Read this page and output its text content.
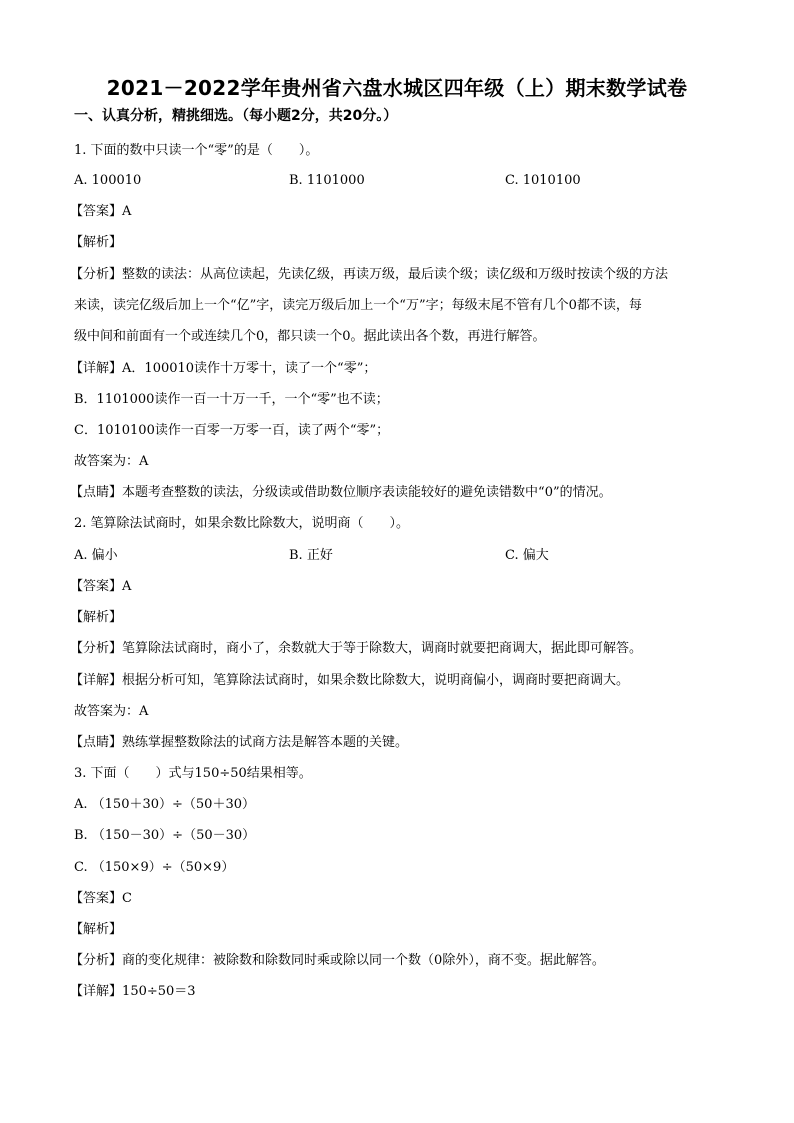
2021－2022学年贵州省六盘水城区四年级（上）期末数学试卷
一、认真分析，精挑细选。（每小题2分，共20分。）
1. 下面的数中只读一个“零”的是（　　）。
A. 100010	B. 1101000	C. 1010100
【 答案 】 A
【 解析 】
【 分析 】 整数的读法：从高位读起，先读亿级，再读万级，最后读个级；读亿级和万级时按读个级的方法
来读，读完亿级后加上一个“亿”字，读完万级后加上一个“万”字；每级末尾不管有几个0都不读，每
级中间和前面有一个或连续几个0，都只读一个0。据此读出各个数，再进行解答。
【 详解 】 A．100010读作十万零十，读了一个“零”；
B．1101000读作一百一十万一千，一个“零”也不读；
C．1010100读作一百零一万零一百，读了两个“零”；
故答案为：A
【 点睛 】 本题考查整数的读法，分级读或借助数位顺序表读能较好的避免读错数中“0”的情况。
2. 笔算除法试商时，如果余数比除数大，说明商（　　）。
A. 偏小	B. 正好	C. 偏大
【 答案 】 A
【 解析 】
【 分析 】 笔算除法试商时，商小了，余数就大于等于除数大，调商时就要把商调大，据此即可解答。
【 详解 】 根据分析可知，笔算除法试商时，如果余数比除数大，说明商偏小，调商时要把商调大。
故答案为：A
【 点睛 】 熟练掌握整数除法的试商方法是解答本题的关键。
3. 下面（　　）式与150÷50结果相等。
A. （150＋30）÷（50＋30）
B. （150－30）÷（50－30）
C. （150×9）÷（50×9）
【 答案 】 C
【 解析 】
【 分析 】 商的变化规律：被除数和除数同时乘或除以同一个数（0除外），商不变。据此解答。
【 详解 】 150÷50＝3
